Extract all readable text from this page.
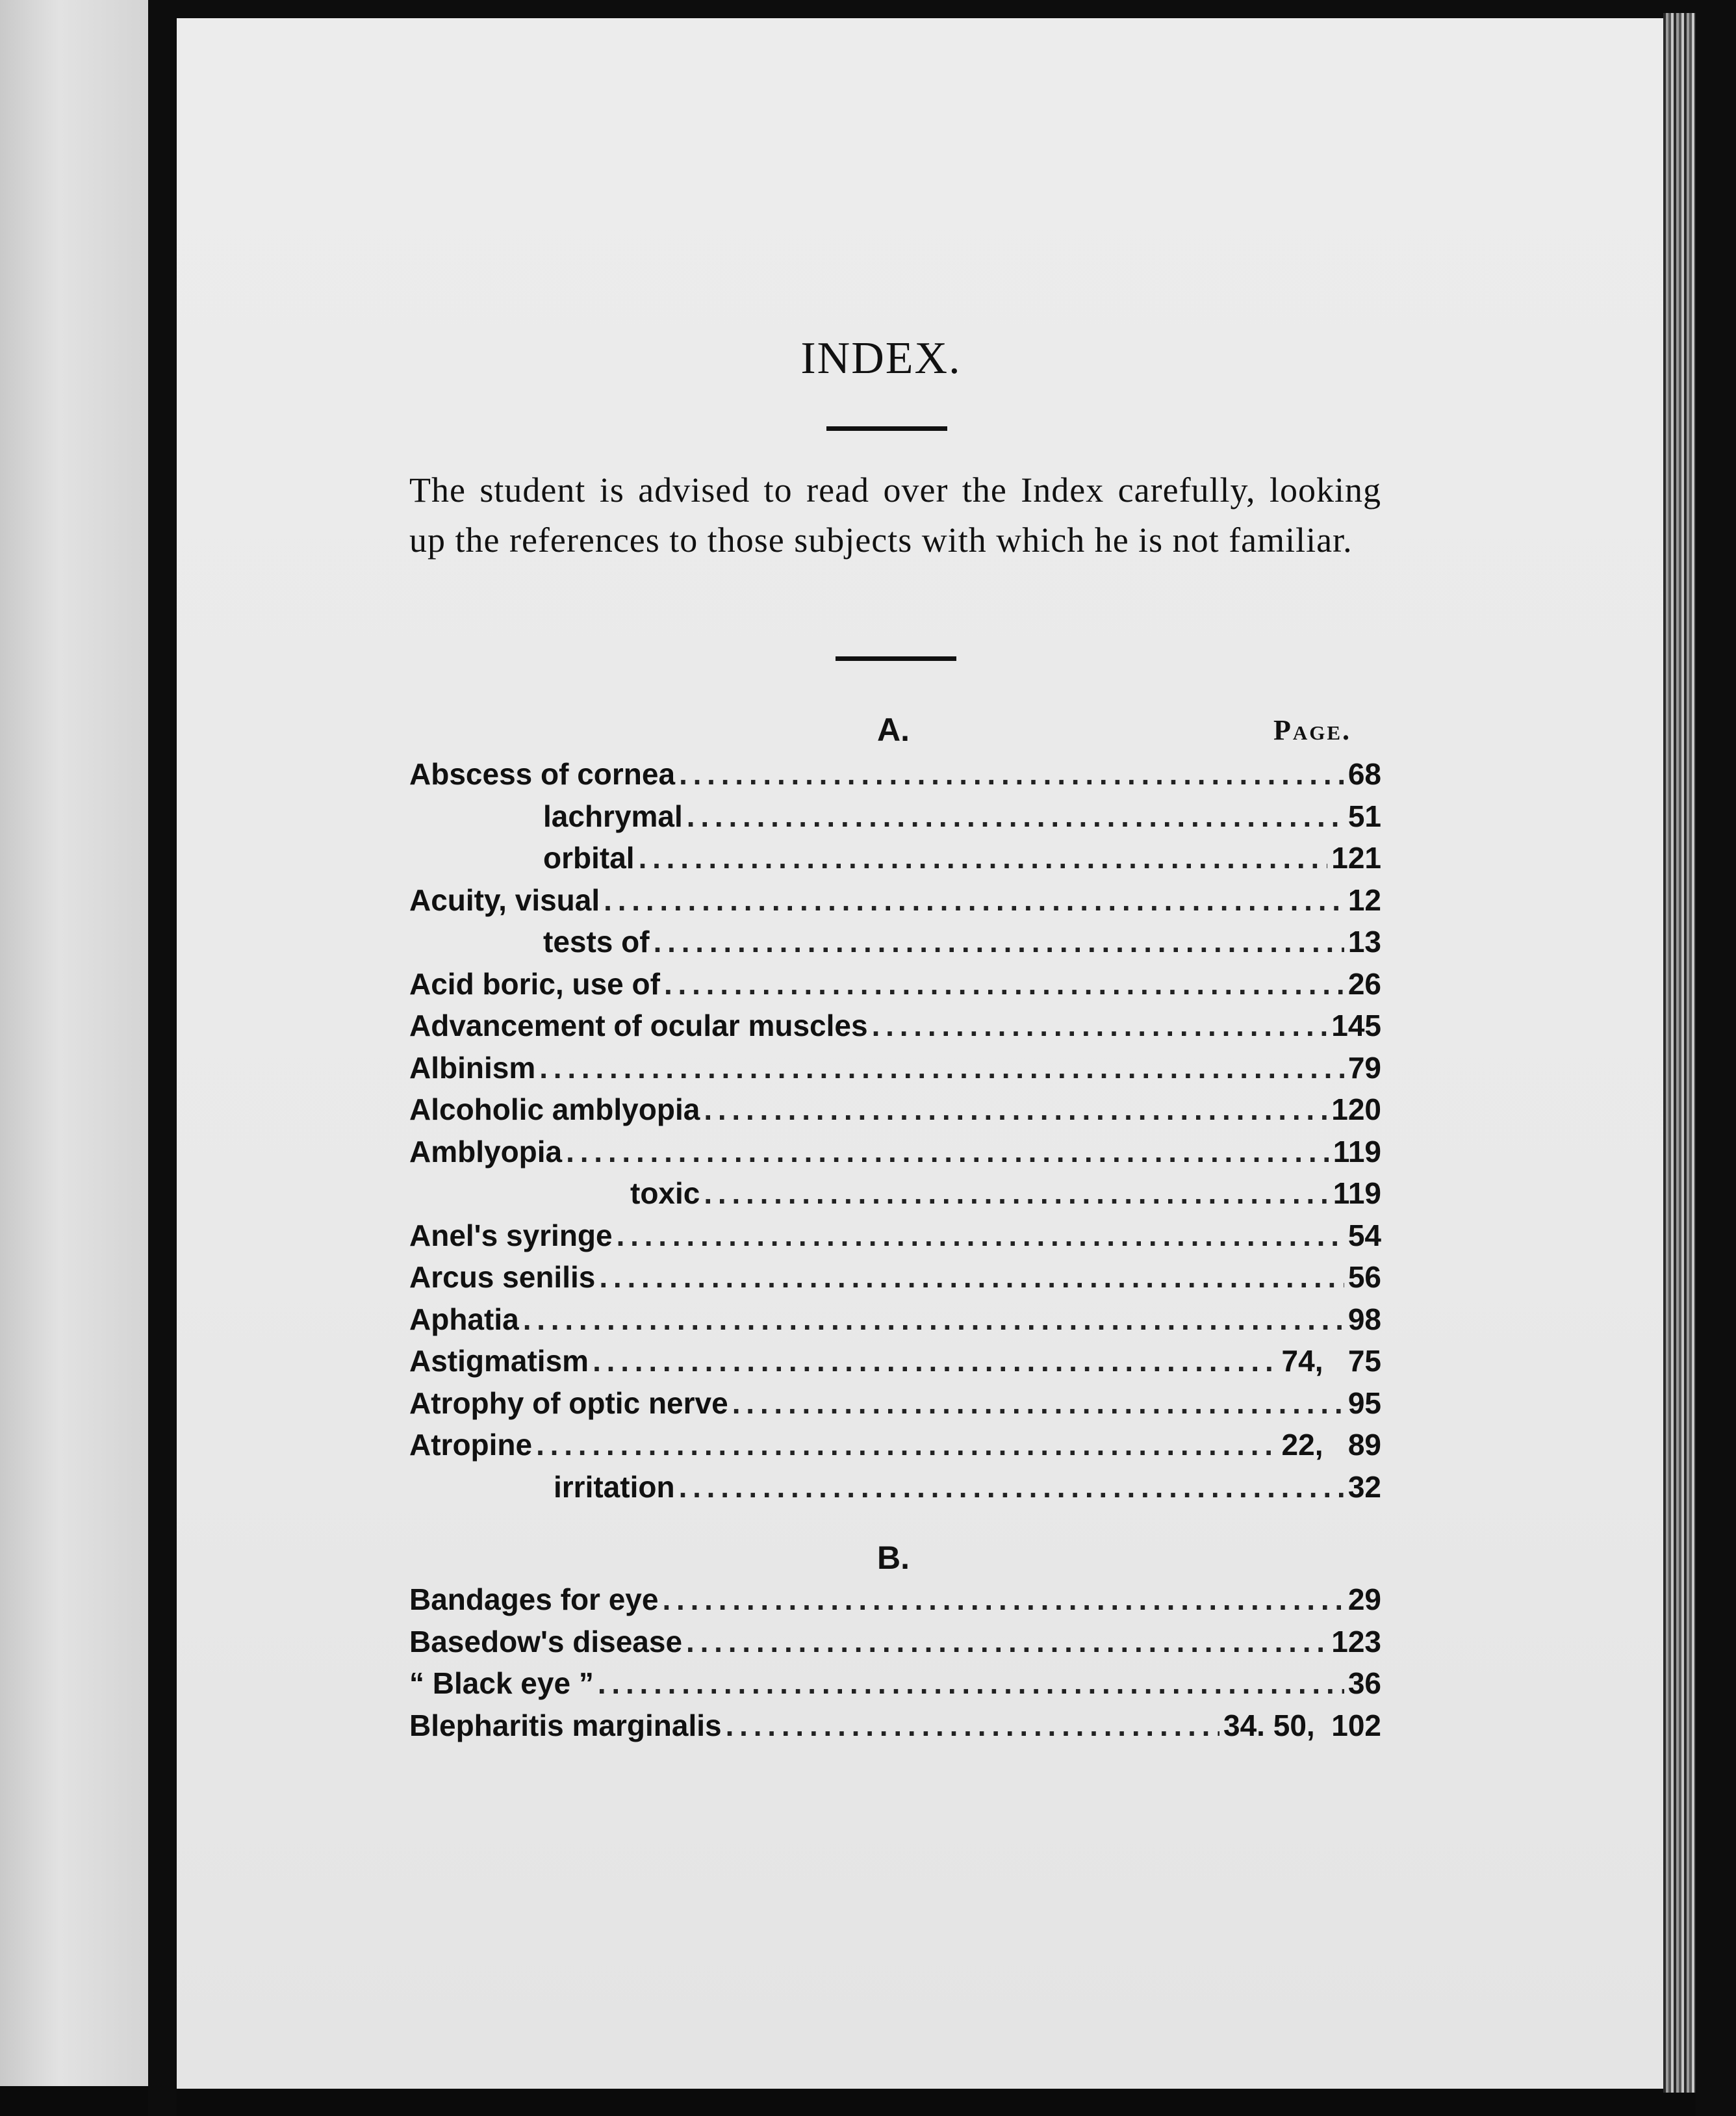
INDEX.
The student is advised to read over the Index carefully, looking up the references to those subjects with which he is not familiar.
A.	Page.
Abscess of cornea . . .	68
lachrymal . . .	51
orbital . . .	121
Acuity, visual . . .	12
tests of . . .	13
Acid boric, use of . . .	26
Advancement of ocular muscles . . .	145
Albinism . . .	79
Alcoholic amblyopia . . .	120
Amblyopia . . .	119
toxic . . .	119
Anel's syringe . . .	54
Arcus senilis . . .	56
Aphatia . . .	98
Astigmatism . . .	74,   75
Atrophy of optic nerve . . .	95
Atropine . . .	22,   89
irritation . . .	32
B.
Bandages for eye . . .	29
Basedow's disease . . .	123
“ Black eye ” . . .	36
Blepharitis marginalis . . .	34. 50,  102
